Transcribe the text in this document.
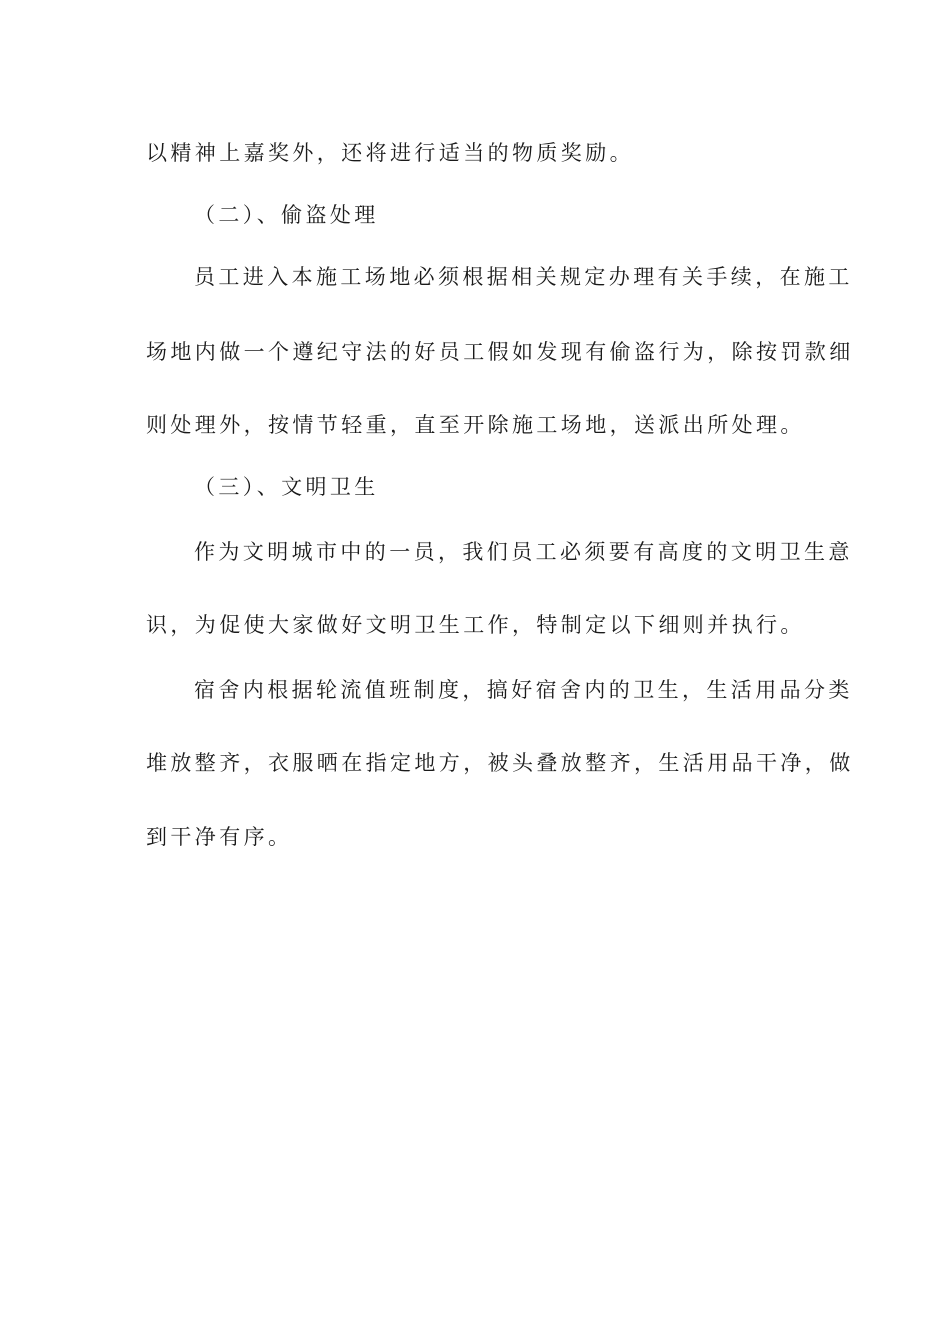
以精神上嘉奖外，还将进行适当的物质奖励。

（二）、偷盗处理

员工进入本施工场地必须根据相关规定办理有关手续，在施工

场地内做一个遵纪守法的好员工假如发现有偷盗行为，除按罚款细

则处理外，按情节轻重，直至开除施工场地，送派出所处理。

（三）、文明卫生

作为文明城市中的一员，我们员工必须要有高度的文明卫生意

识，为促使大家做好文明卫生工作，特制定以下细则并执行。

宿舍内根据轮流值班制度，搞好宿舍内的卫生，生活用品分类

堆放整齐，衣服晒在指定地方，被头叠放整齐，生活用品干净，做

到干净有序。
